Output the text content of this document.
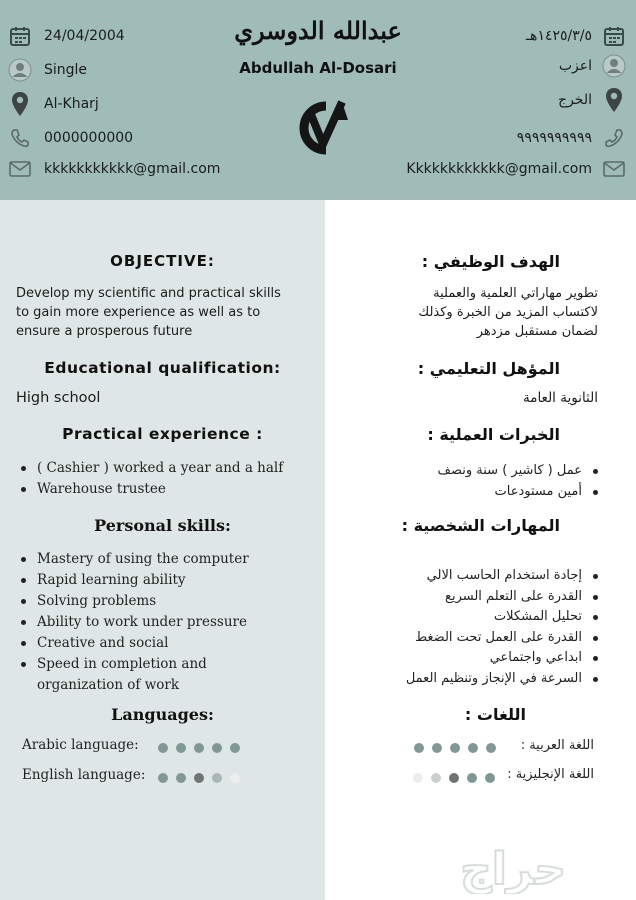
24/04/2004
Single
Al-Kharj
0000000000
kkkkkkkkkkk@gmail.com
١٤٢٥/٣/٥هـ
اعزب
الخرج
٩٩٩٩٩٩٩٩٩٩
Kkkkkkkkkkkk@gmail.com
عبدالله الدوسري
Abdullah Al-Dosari
OBJECTIVE:
Develop my scientific and practical skills
to gain more experience as well as to
ensure a prosperous future
Educational qualification:
High school
Practical experience :
( Cashier ) worked a year and a half
Warehouse trustee
Personal skills:
Mastery of using the computer
Rapid learning ability
Solving problems
Ability to work under pressure
Creative and social
Speed in completion and
organization of work
Languages:
Arabic language:
English language:
الهدف الوظيفي :
تطوير مهاراتي العلمية والعملية
لاكتساب المزيد من الخبرة وكذلك
لضمان مستقبل مزدهر
المؤهل التعليمي :
الثانوية العامة
الخبرات العملية :
عمل ( كاشير ) سنة ونصف
أمين مستودعات
المهارات الشخصية :
إجادة استخدام الحاسب الالي
القدرة على التعلم السريع
تحليل المشكلات
القدرة على العمل تحت الضغط
ابداعي واجتماعي
السرعة في الإنجاز وتنظيم العمل
اللغات :
اللغة العربية :
اللغة الإنجليزية :
حراج
